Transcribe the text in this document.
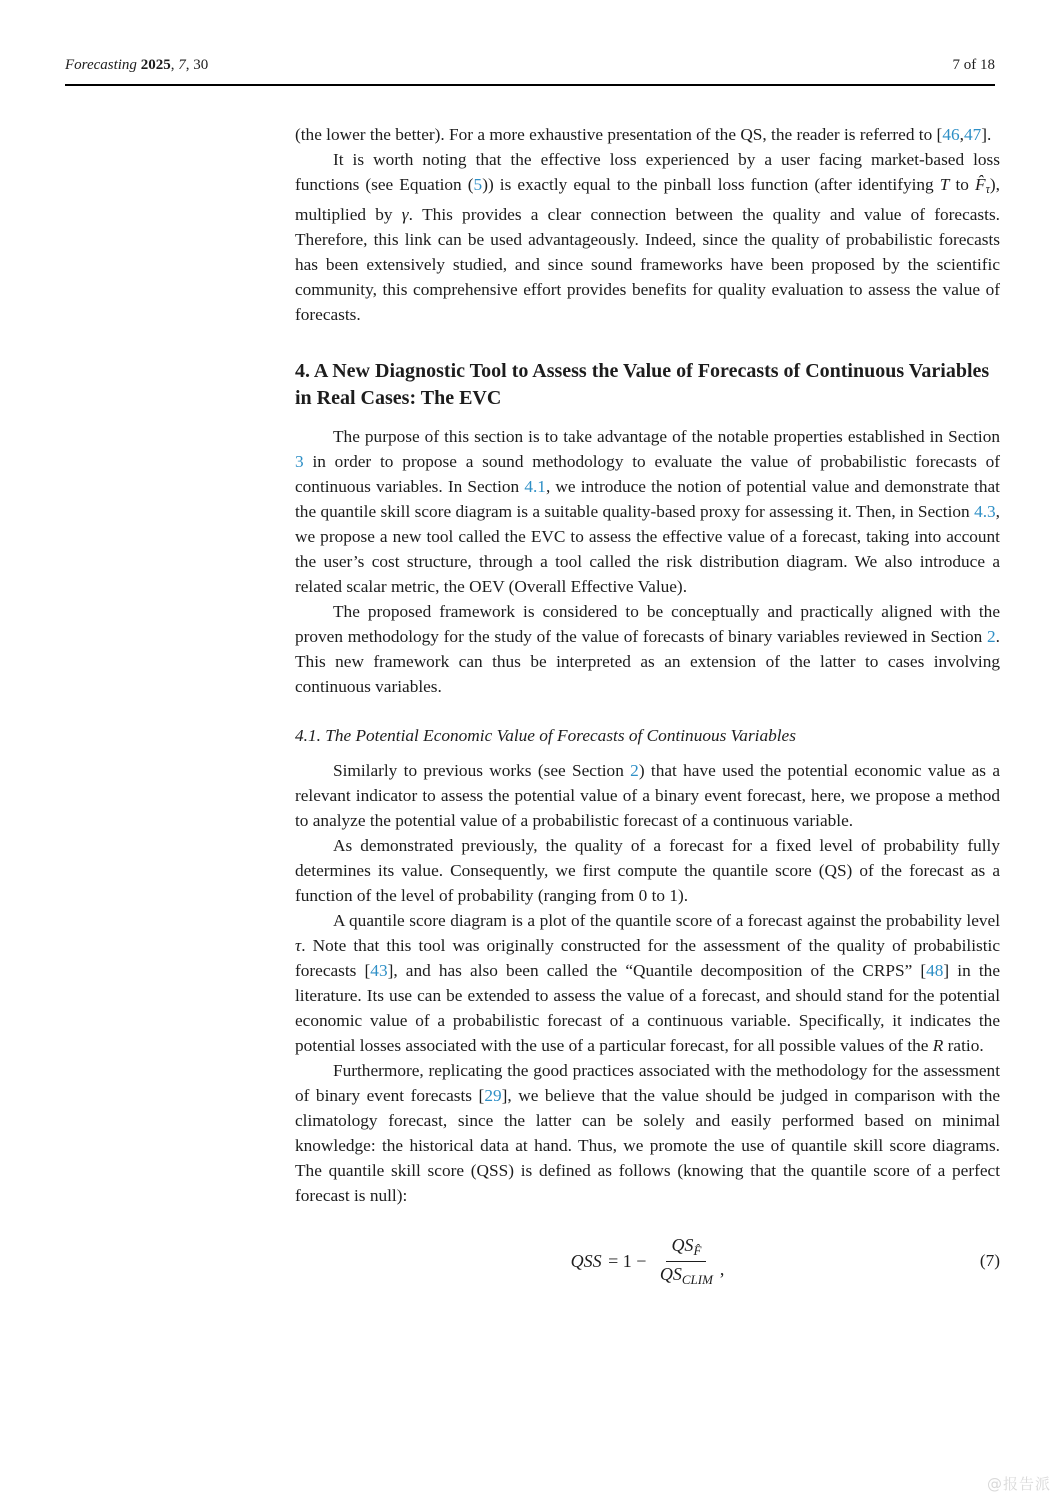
Forecasting 2025, 7, 30	7 of 18

(the lower the better). For a more exhaustive presentation of the QS, the reader is referred to [46,47].

It is worth noting that the effective loss experienced by a user facing market-based loss functions (see Equation (5)) is exactly equal to the pinball loss function (after identifying T to F̂τ), multiplied by γ. This provides a clear connection between the quality and value of forecasts. Therefore, this link can be used advantageously. Indeed, since the quality of probabilistic forecasts has been extensively studied, and since sound frameworks have been proposed by the scientific community, this comprehensive effort provides benefits for quality evaluation to assess the value of forecasts.

4. A New Diagnostic Tool to Assess the Value of Forecasts of Continuous Variables in Real Cases: The EVC

The purpose of this section is to take advantage of the notable properties established in Section 3 in order to propose a sound methodology to evaluate the value of probabilistic forecasts of continuous variables. In Section 4.1, we introduce the notion of potential value and demonstrate that the quantile skill score diagram is a suitable quality-based proxy for assessing it. Then, in Section 4.3, we propose a new tool called the EVC to assess the effective value of a forecast, taking into account the user’s cost structure, through a tool called the risk distribution diagram. We also introduce a related scalar metric, the OEV (Overall Effective Value).

The proposed framework is considered to be conceptually and practically aligned with the proven methodology for the study of the value of forecasts of binary variables reviewed in Section 2. This new framework can thus be interpreted as an extension of the latter to cases involving continuous variables.

4.1. The Potential Economic Value of Forecasts of Continuous Variables

Similarly to previous works (see Section 2) that have used the potential economic value as a relevant indicator to assess the potential value of a binary event forecast, here, we propose a method to analyze the potential value of a probabilistic forecast of a continuous variable.

As demonstrated previously, the quality of a forecast for a fixed level of probability fully determines its value. Consequently, we first compute the quantile score (QS) of the forecast as a function of the level of probability (ranging from 0 to 1).

A quantile score diagram is a plot of the quantile score of a forecast against the probability level τ. Note that this tool was originally constructed for the assessment of the quality of probabilistic forecasts [43], and has also been called the “Quantile decomposition of the CRPS” [48] in the literature. Its use can be extended to assess the value of a forecast, and should stand for the potential economic value of a probabilistic forecast of a continuous variable. Specifically, it indicates the potential losses associated with the use of a particular forecast, for all possible values of the R ratio.

Furthermore, replicating the good practices associated with the methodology for the assessment of binary event forecasts [29], we believe that the value should be judged in comparison with the climatology forecast, since the latter can be solely and easily performed based on minimal knowledge: the historical data at hand. Thus, we promote the use of quantile skill score diagrams. The quantile skill score (QSS) is defined as follows (knowing that the quantile score of a perfect forecast is null):

QSS = $1 - \frac{QS_{F̂}}{QS_{CLIM}}$ ,	(7)
@报告派
